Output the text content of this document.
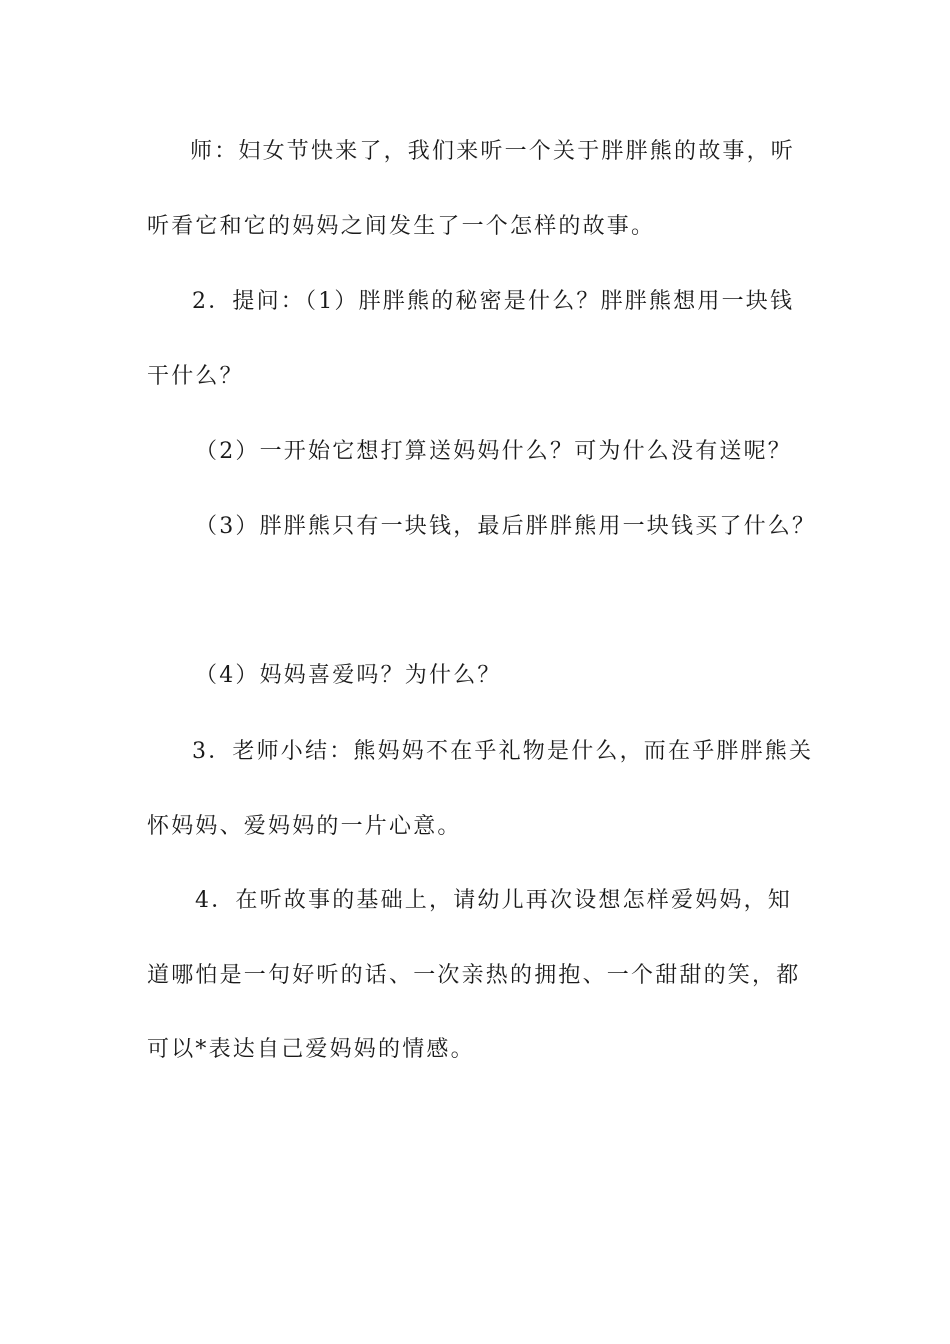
师：妇女节快来了，我们来听一个关于胖胖熊的故事，听
听看它和它的妈妈之间发生了一个怎样的故事。
2．提问：（1）胖胖熊的秘密是什么？胖胖熊想用一块钱
干什么？
（2）一开始它想打算送妈妈什么？可为什么没有送呢？
（3）胖胖熊只有一块钱，最后胖胖熊用一块钱买了什么？
（4）妈妈喜爱吗？为什么？
3．老师小结：熊妈妈不在乎礼物是什么，而在乎胖胖熊关
怀妈妈、爱妈妈的一片心意。
4．在听故事的基础上，请幼儿再次设想怎样爱妈妈，知
道哪怕是一句好听的话、一次亲热的拥抱、一个甜甜的笑，都
可以*表达自己爱妈妈的情感。
